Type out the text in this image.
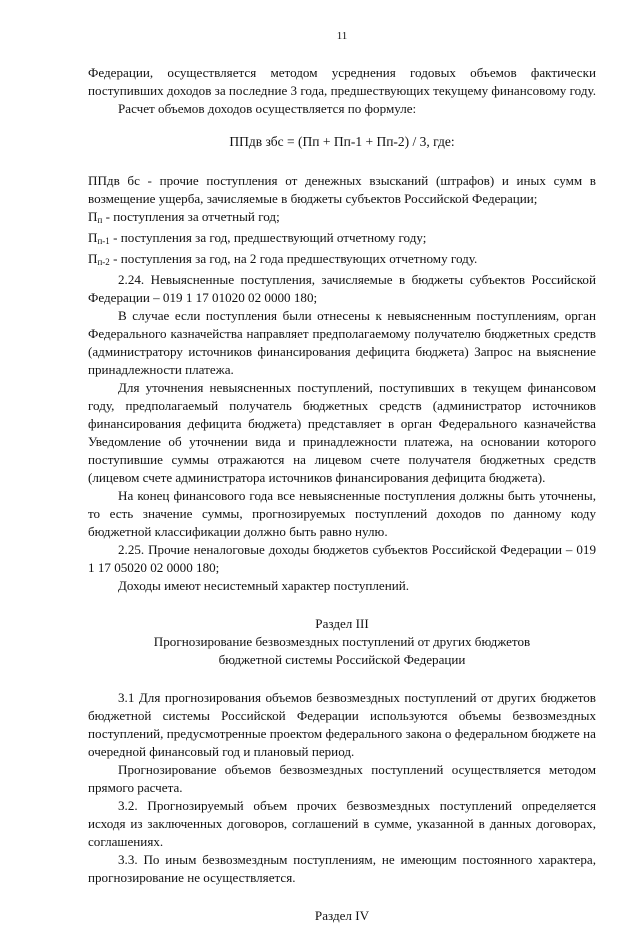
11

Федерации, осуществляется методом усреднения годовых объемов фактически поступивших доходов за последние 3 года, предшествующих текущему финансовому году.

Расчет объемов доходов осуществляется по формуле:

ППдв збс = (Пп + Пп-1 + Пп-2) / 3, где:

ППдв бс - прочие поступления от денежных взысканий (штрафов) и иных сумм в возмещение ущерба, зачисляемые в бюджеты субъектов Российской Федерации;

$П_п$ - поступления за отчетный год;

$П_{п-1}$ - поступления за год, предшествующий отчетному году;

$П_{п-2}$ - поступления за год, на 2 года предшествующих отчетному году.

2.24. Невыясненные поступления, зачисляемые в бюджеты субъектов Российской Федерации – 019 1 17 01020 02 0000 180;

В случае если поступления были отнесены к невыясненным поступлениям, орган Федерального казначейства направляет предполагаемому получателю бюджетных средств (администратору источников финансирования дефицита бюджета) Запрос на выяснение принадлежности платежа.

Для уточнения невыясненных поступлений, поступивших в текущем финансовом году, предполагаемый получатель бюджетных средств (администратор источников финансирования дефицита бюджета) представляет в орган Федерального казначейства Уведомление об уточнении вида и принадлежности платежа, на основании которого поступившие суммы отражаются на лицевом счете получателя бюджетных средств (лицевом счете администратора источников финансирования дефицита бюджета).

На конец финансового года все невыясненные поступления должны быть уточнены, то есть значение суммы, прогнозируемых поступлений доходов по данному коду бюджетной классификации должно быть равно нулю.

2.25. Прочие неналоговые доходы бюджетов субъектов Российской Федерации – 019 1 17 05020 02 0000 180;

Доходы имеют несистемный характер поступлений.

Раздел III

Прогнозирование безвозмездных поступлений от других бюджетов

бюджетной системы Российской Федерации

3.1 Для прогнозирования объемов безвозмездных поступлений от других бюджетов бюджетной системы Российской Федерации используются объемы безвозмездных поступлений, предусмотренные проектом федерального закона о федеральном бюджете на очередной финансовый год и плановый период.

Прогнозирование объемов безвозмездных поступлений осуществляется методом прямого расчета.

3.2. Прогнозируемый объем прочих безвозмездных поступлений определяется исходя из заключенных договоров, соглашений в сумме, указанной в данных договорах, соглашениях.

3.3. По иным безвозмездным поступлениям, не имеющим постоянного характера, прогнозирование не осуществляется.

Раздел IV
